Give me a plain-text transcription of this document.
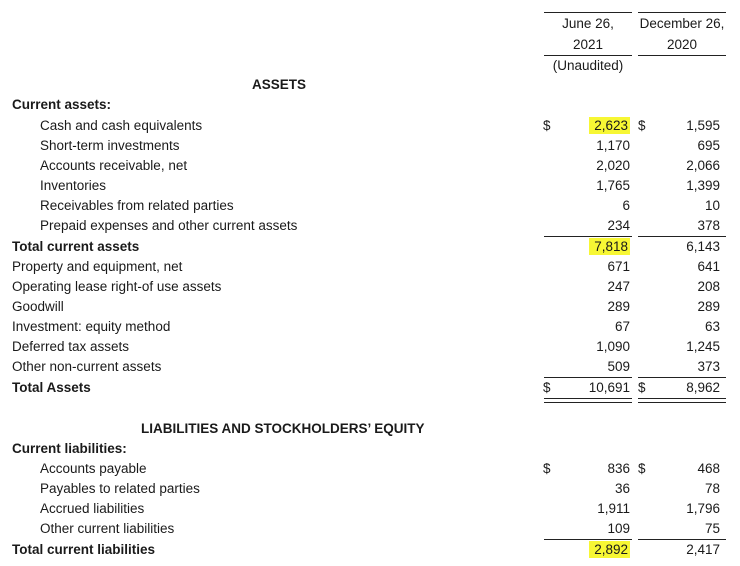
June 26,
2021
(Unaudited)
December 26,
2020
ASSETS
Current assets:
Cash and cash equivalents	$	2,623 $	1,595
Short-term investments	1,170	695
Accounts receivable, net	2,020	2,066
Inventories	1,765	1,399
Receivables from related parties	6	10
Prepaid expenses and other current assets	234	378
Total current assets	7,818	6,143
Property and equipment, net	671	641
Operating lease right-of use assets	247	208
Goodwill	289	289
Investment: equity method	67	63
Deferred tax assets	1,090	1,245
Other non-current assets	509	373
Total Assets	$	10,691 $	8,962
LIABILITIES AND STOCKHOLDERS’ EQUITY
Current liabilities:
Accounts payable	$	836 $	468
Payables to related parties	36	78
Accrued liabilities	1,911	1,796
Other current liabilities	109	75
Total current liabilities	2,892	2,417
